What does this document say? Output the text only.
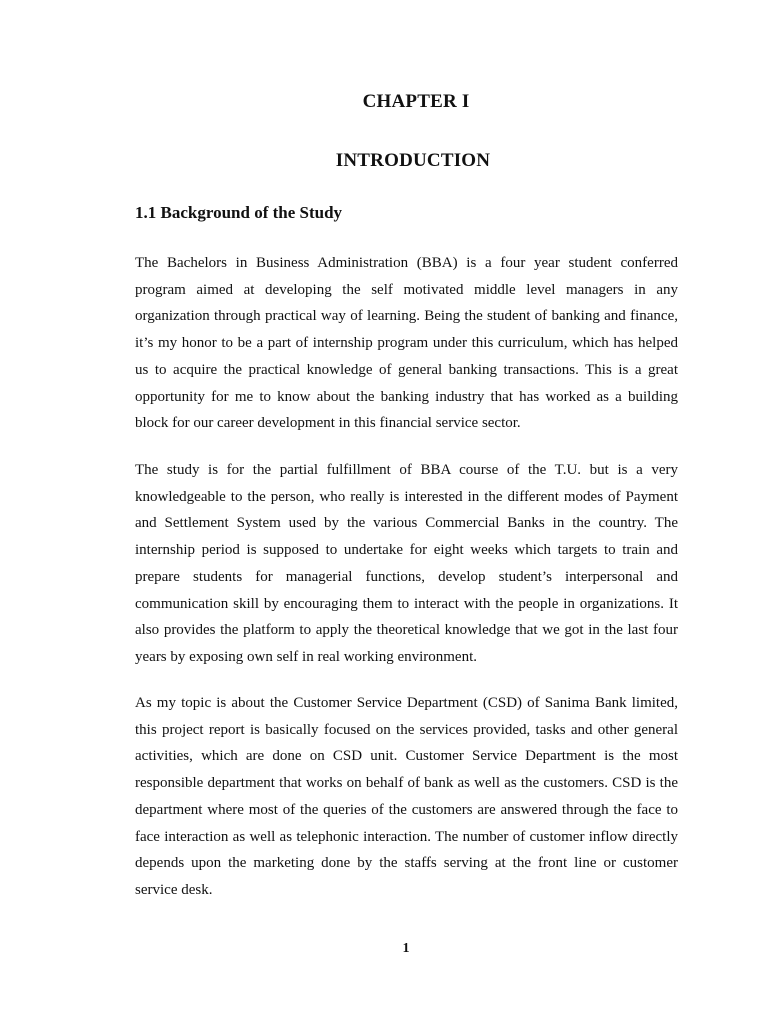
CHAPTER I
INTRODUCTION
1.1 Background of the Study

The Bachelors in Business Administration (BBA) is a four year student conferred program aimed at developing the self motivated middle level managers in any organization through practical way of learning. Being the student of banking and finance, it’s my honor to be a part of internship program under this curriculum, which has helped us to acquire the practical knowledge of general banking transactions. This is a great opportunity for me to know about the banking industry that has worked as a building block for our career development in this financial service sector.

The study is for the partial fulfillment of BBA course of the T.U. but is a very knowledgeable to the person, who really is interested in the different modes of Payment and Settlement System used by the various Commercial Banks in the country. The internship period is supposed to undertake for eight weeks which targets to train and prepare students for managerial functions, develop student’s interpersonal and communication skill by encouraging them to interact with the people in organizations. It also provides the platform to apply the theoretical knowledge that we got in the last four years by exposing own self in real working environment.

As my topic is about the Customer Service Department (CSD) of Sanima Bank limited, this project report is basically focused on the services provided, tasks and other general activities, which are done on CSD unit. Customer Service Department is the most responsible department that works on behalf of bank as well as the customers. CSD is the department where most of the queries of the customers are answered through the face to face interaction as well as telephonic interaction. The number of customer inflow directly depends upon the marketing done by the staffs serving at the front line or customer service desk.

1
